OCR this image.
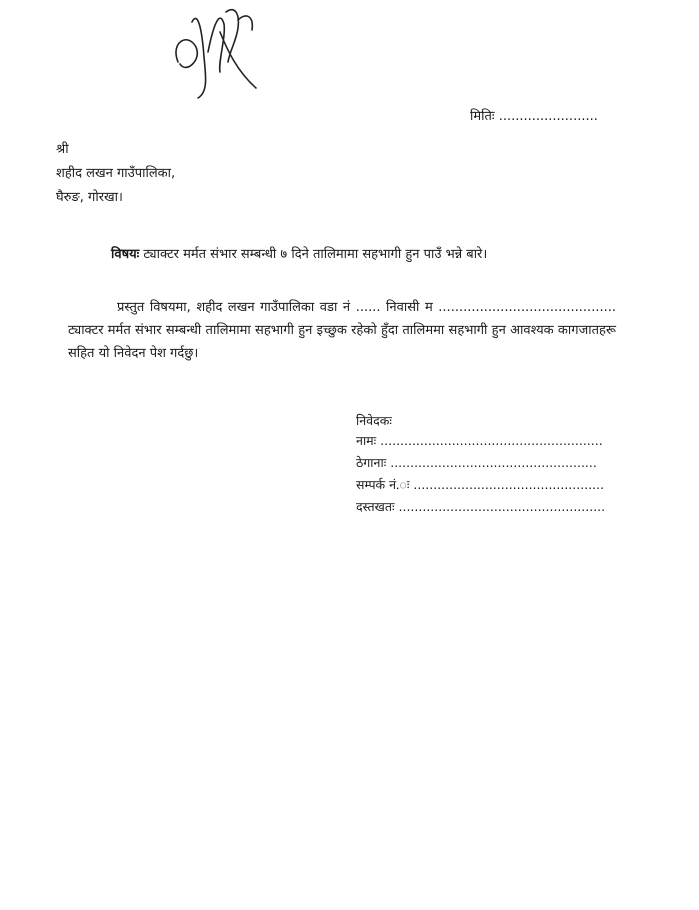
मितिः ........................
श्री
शहीद लखन गाउँपालिका,
घैरुङ, गोरखा।
विषयः ट्याक्टर मर्मत संभार सम्बन्धी ७ दिने तालिमामा सहभागी हुन पाउँ भन्ने बारे।
प्रस्तुत विषयमा, शहीद लखन गाउँपालिका वडा नं ...... निवासी म ........................................... ट्याक्टर मर्मत संभार सम्बन्धी तालिमामा सहभागी हुन इच्छुक रहेको हुँदा तालिममा सहभागी हुन आवश्यक कागजातहरू सहित यो निवेदन पेश गर्दछु।
निवेदकः
नामः ........................................................
ठेगानाः ....................................................
सम्पर्क नं.ः ................................................
दस्तखतः ....................................................
